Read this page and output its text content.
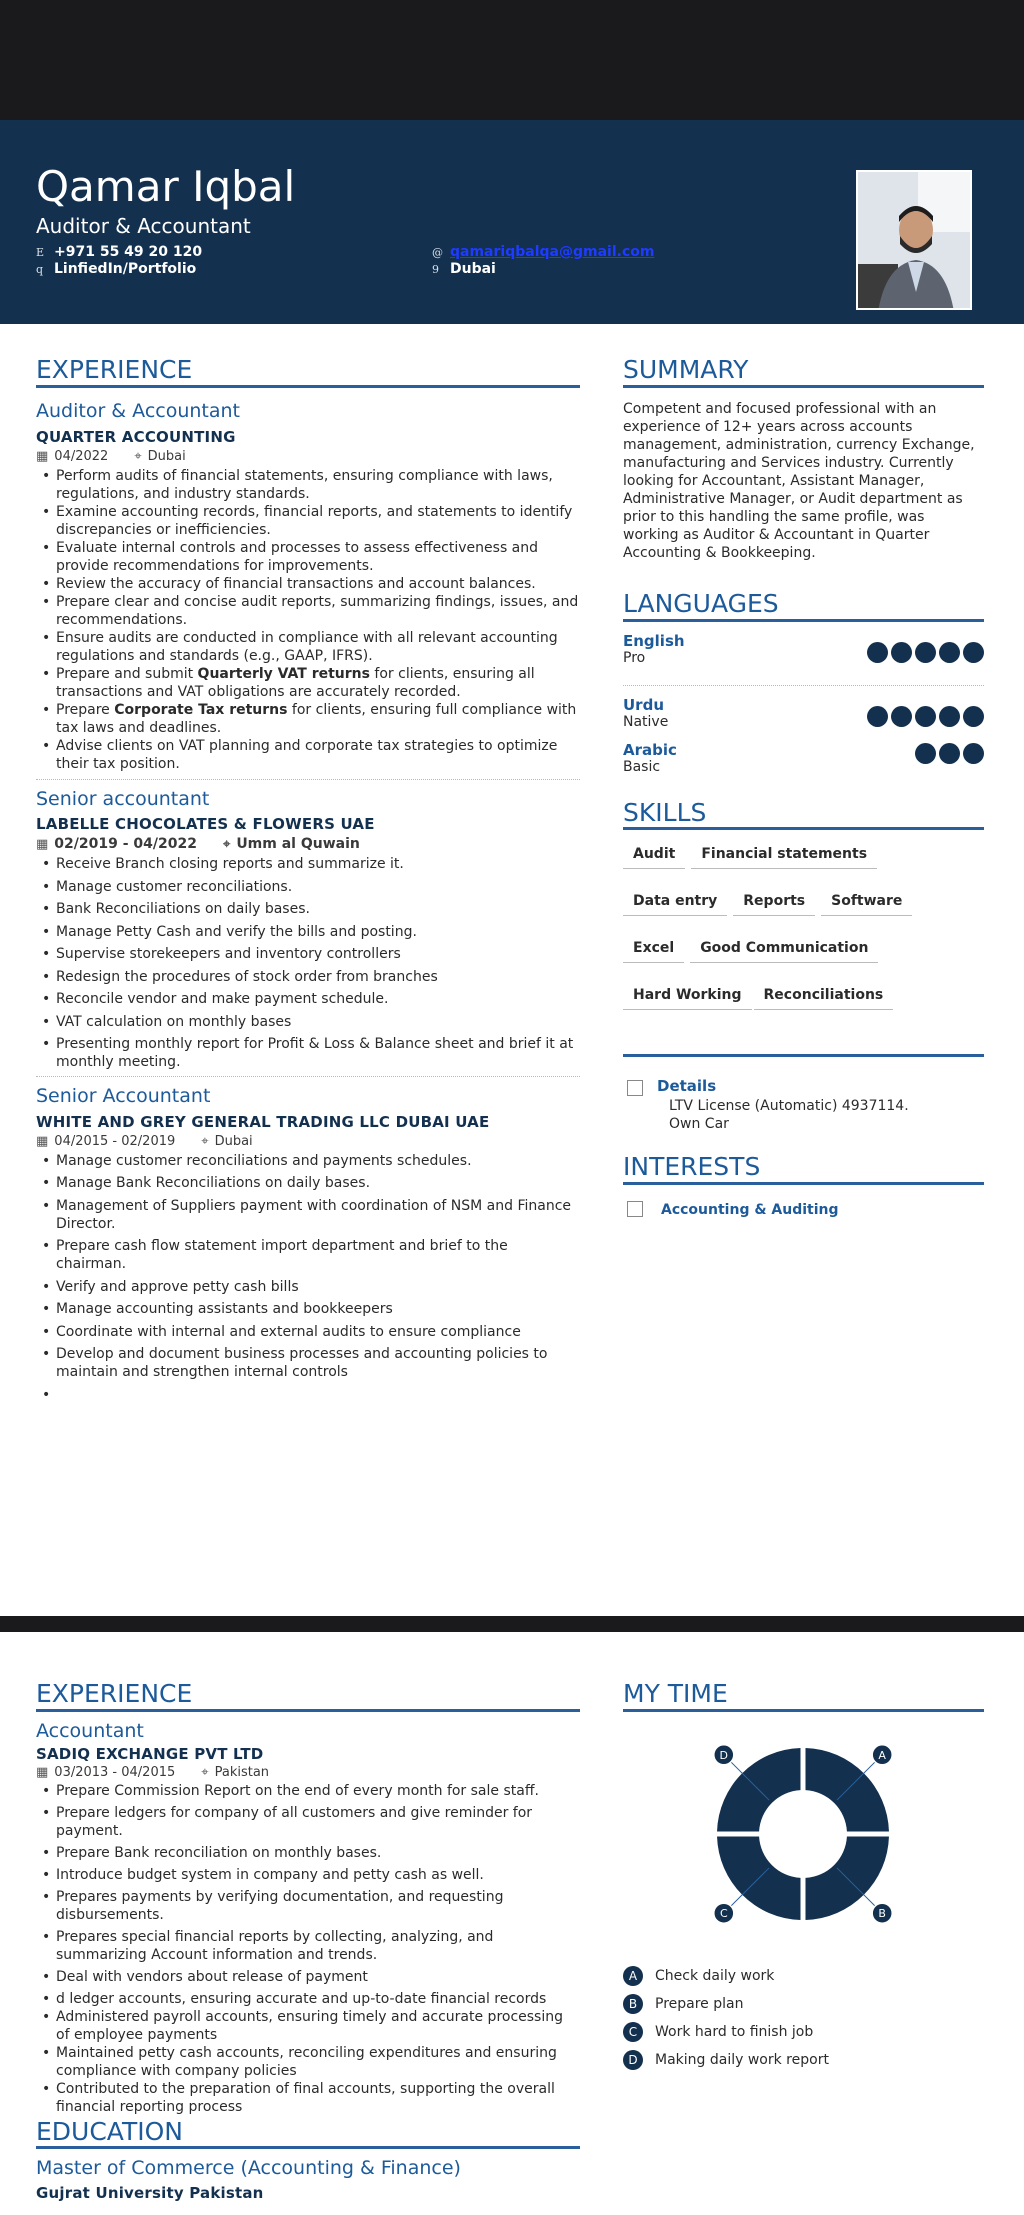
Qamar Iqbal
Auditor & Accountant
E +971 55 49 20 120
q LinfiedIn/Portfolio
@ qamariqbalqa@gmail.com
9 Dubai
EXPERIENCE
Auditor & Accountant
QUARTER ACCOUNTING
▦ 04/2022 ⌖ Dubai
• Perform audits of financial statements, ensuring compliance with laws, regulations, and industry standards.
• Examine accounting records, financial reports, and statements to identify discrepancies or inefficiencies.
• Evaluate internal controls and processes to assess effectiveness and provide recommendations for improvements.
• Review the accuracy of financial transactions and account balances.
• Prepare clear and concise audit reports, summarizing findings, issues, and recommendations.
• Ensure audits are conducted in compliance with all relevant accounting regulations and standards (e.g., GAAP, IFRS).
• Prepare and submit Quarterly VAT returns for clients, ensuring all transactions and VAT obligations are accurately recorded.
• Prepare Corporate Tax returns for clients, ensuring full compliance with tax laws and deadlines.
• Advise clients on VAT planning and corporate tax strategies to optimize their tax position.
Senior accountant
LABELLE CHOCOLATES & FLOWERS UAE
▦ 02/2019 - 04/2022 ⌖ Umm al Quwain
• Receive Branch closing reports and summarize it.
• Manage customer reconciliations.
• Bank Reconciliations on daily bases.
• Manage Petty Cash and verify the bills and posting.
• Supervise storekeepers and inventory controllers
• Redesign the procedures of stock order from branches
• Reconcile vendor and make payment schedule.
• VAT calculation on monthly bases
• Presenting monthly report for Profit & Loss & Balance sheet and brief it at monthly meeting.
Senior Accountant
WHITE AND GREY GENERAL TRADING LLC DUBAI UAE
▦ 04/2015 - 02/2019 ⌖ Dubai
• Manage customer reconciliations and payments schedules.
• Manage Bank Reconciliations on daily bases.
• Management of Suppliers payment with coordination of NSM and Finance Director.
• Prepare cash flow statement import department and brief to the chairman.
• Verify and approve petty cash bills
• Manage accounting assistants and bookkeepers
• Coordinate with internal and external audits to ensure compliance
• Develop and document business processes and accounting policies to maintain and strengthen internal controls
•
SUMMARY
Competent and focused professional with an experience of 12+ years across accounts management, administration, currency Exchange, manufacturing and Services industry. Currently looking for Accountant, Assistant Manager, Administrative Manager, or Audit department as prior to this handling the same profile, was working as Auditor & Accountant in Quarter Accounting & Bookkeeping.
LANGUAGES
English
Pro
Urdu
Native
Arabic
Basic
SKILLS
Audit	Financial statements
Data entry	Reports	Software
Excel	Good Communication
Hard Working	Reconciliations
Details
LTV License (Automatic) 4937114.
Own Car
INTERESTS
Accounting & Auditing
EXPERIENCE
Accountant
SADIQ EXCHANGE PVT LTD
▦ 03/2013 - 04/2015 ⌖ Pakistan
• Prepare Commission Report on the end of every month for sale staff.
• Prepare ledgers for company of all customers and give reminder for payment.
• Prepare Bank reconciliation on monthly bases.
• Introduce budget system in company and petty cash as well.
• Prepares payments by verifying documentation, and requesting disbursements.
• Prepares special financial reports by collecting, analyzing, and summarizing Account information and trends.
• Deal with vendors about release of payment
• d ledger accounts, ensuring accurate and up-to-date financial records
• Administered payroll accounts, ensuring timely and accurate processing of employee payments
• Maintained petty cash accounts, reconciling expenditures and ensuring compliance with company policies
• Contributed to the preparation of final accounts, supporting the overall financial reporting process
EDUCATION
Master of Commerce (Accounting & Finance)
Gujrat University Pakistan
MY TIME
A
B
C
D
A	Check daily work
B	Prepare plan
C	Work hard to finish job
D	Making daily work report
